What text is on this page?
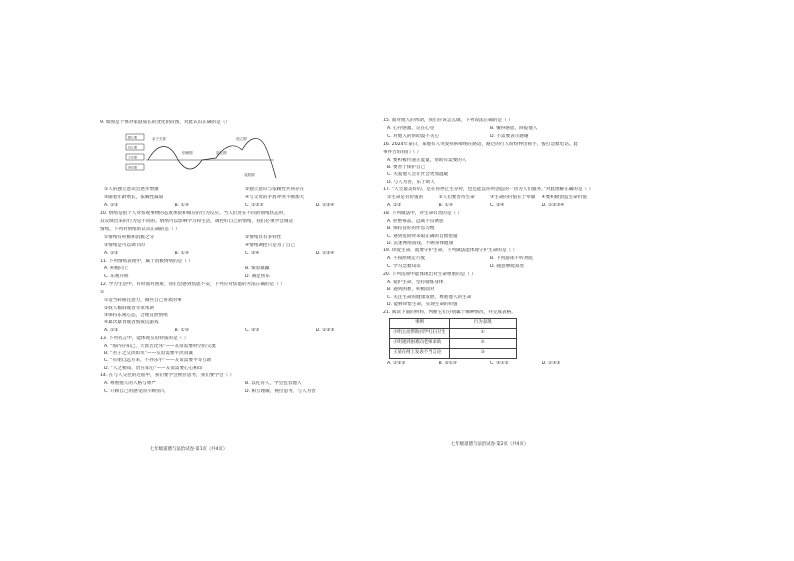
9. 如图是个体对家庭成长的变化阶段图，对此认识正确的是（）
亲子关系
依赖期	逆反期
独立期
成熟期
婴儿期
幼儿期
少年期
青年期
①人的独立意识会逐步增强	②独立意识与依赖性共同存在
③随着年龄增长，依赖性减弱	④与父母的矛盾冲突不断加大
A. ①②	B. ①③	C. ①②③	D. ①②④
10. 情绪是指个人对客观事物的态度体验和相应的行为反应。当人们处在不同的情绪状态时，
其反映出来的行为是不同的。情绪可以影响学习和生活，调控好自己的情绪，我们必须学会调适
情绪。下列对情绪的认识正确的是（ ）
①情绪有积极和消极之分	②情绪具有多样性
③情绪是可以调节的	④情绪调控只是为了自己
A. ①②	B. ①③	C. ②④	D. ①②④
11. 下列情绪表现中，属于消极情绪的是（ ）
A. 积极向上	B. 愤怒暴躁
C. 乐观开朗	D. 满足快乐
12. 学习生活中，有时面对困难，我们会感到焦虑不安，下列应对焦虑的方法正确的是（ ）
①
①适当转移注意力，做些自己喜欢的事
②找人倾诉或者寻求帮助
③保持乐观心态，合理宣泄情绪
④暴饮暴食或者熬夜玩游戏
A. ①②	B. ①③	C. ②③	D. ①②③
13. 下列名言中，能体现友谊特质的是（ ）
A. “海内存知己，天涯若比邻”——友谊需要时空的交流
B. “君子之交淡如水”——友谊需要平淡真诚
C. “有朋自远方来，不亦乐乎”——友谊需要平等互助
D. “人之相知，贵在知心”——友谊需要心心相印
14. 在与人交往的过程中，我们要学会换位思考，我们要学会（ ）
A. 尊重他人的人格与尊严	B. 以礼待人，学会包容他人
C. 只顾自己的感受而不顾别人	D. 相互理解，换位思考，与人为善
七年级道德与法治试卷·第1页（共4页）
15. 面对他人的帮助，我们应该怎么做，下列说法正确的是（ ）
A. 心存感激，记在心里	B. 懂得感恩，回报他人
C. 对他人的帮助漠不关心	D. 不需要表示感谢
16. 2024年某日，某地有人突发疾病晕倒在路边，路过的行人纷纷伸出援手，拨打急救电话。此
事件告诉我们（ ）
A. 要积极传递正能量，帮助有需要的人
B. 要善于保护自己
C. 关爱他人会让社会更加温暖
D. 与人为善，乐于助人
17. “人生最美好的，是在你停止生存时，也还能以你所创造的一切为人们服务。”对此理解正确的是（ ）
①生命是有价值的	②人们要善待生命	③生命的价值在于奉献	④要积极创造生命价值
A. ①②	B. ①③	C. ②④	D. ①②③④
18. 下列做法中，对生命有害的是（ ）
A. 拒绝毒品，远离不良诱惑
B. 保持良好的作息习惯
C. 遇到危险时采取正确的自救措施
D. 沉迷网络游戏，不顾身体健康
19. 珍爱生命，就要守护生命。下列做法能体现守护生命的是（ ）
A. 不按照规定行驶	B. 下河游泳不听劝阻
C. 学习急救知识	D. 随意攀爬高处
20. 下列选项中能体现出对生命尊重的是（ ）
A. 爱护生命，坚持锻炼身体
B. 遇到困难，积极面对
C. 关注生命的健康发展，尊重他人的生命
D. 能够珍惜生命，实现生命的价值
21. 阅读下面的材料，判断它们分别属于哪种情况，并完成表格。
事例	行为表现
小明主动帮助同学打扫卫生	①
小明遇到困难向老师求助	②
王某在网上发表不当言论	③
A. ①②③	B. ②①③	C. ③①②	D. ①③②
七年级道德与法治试卷·第2页（共4页）
